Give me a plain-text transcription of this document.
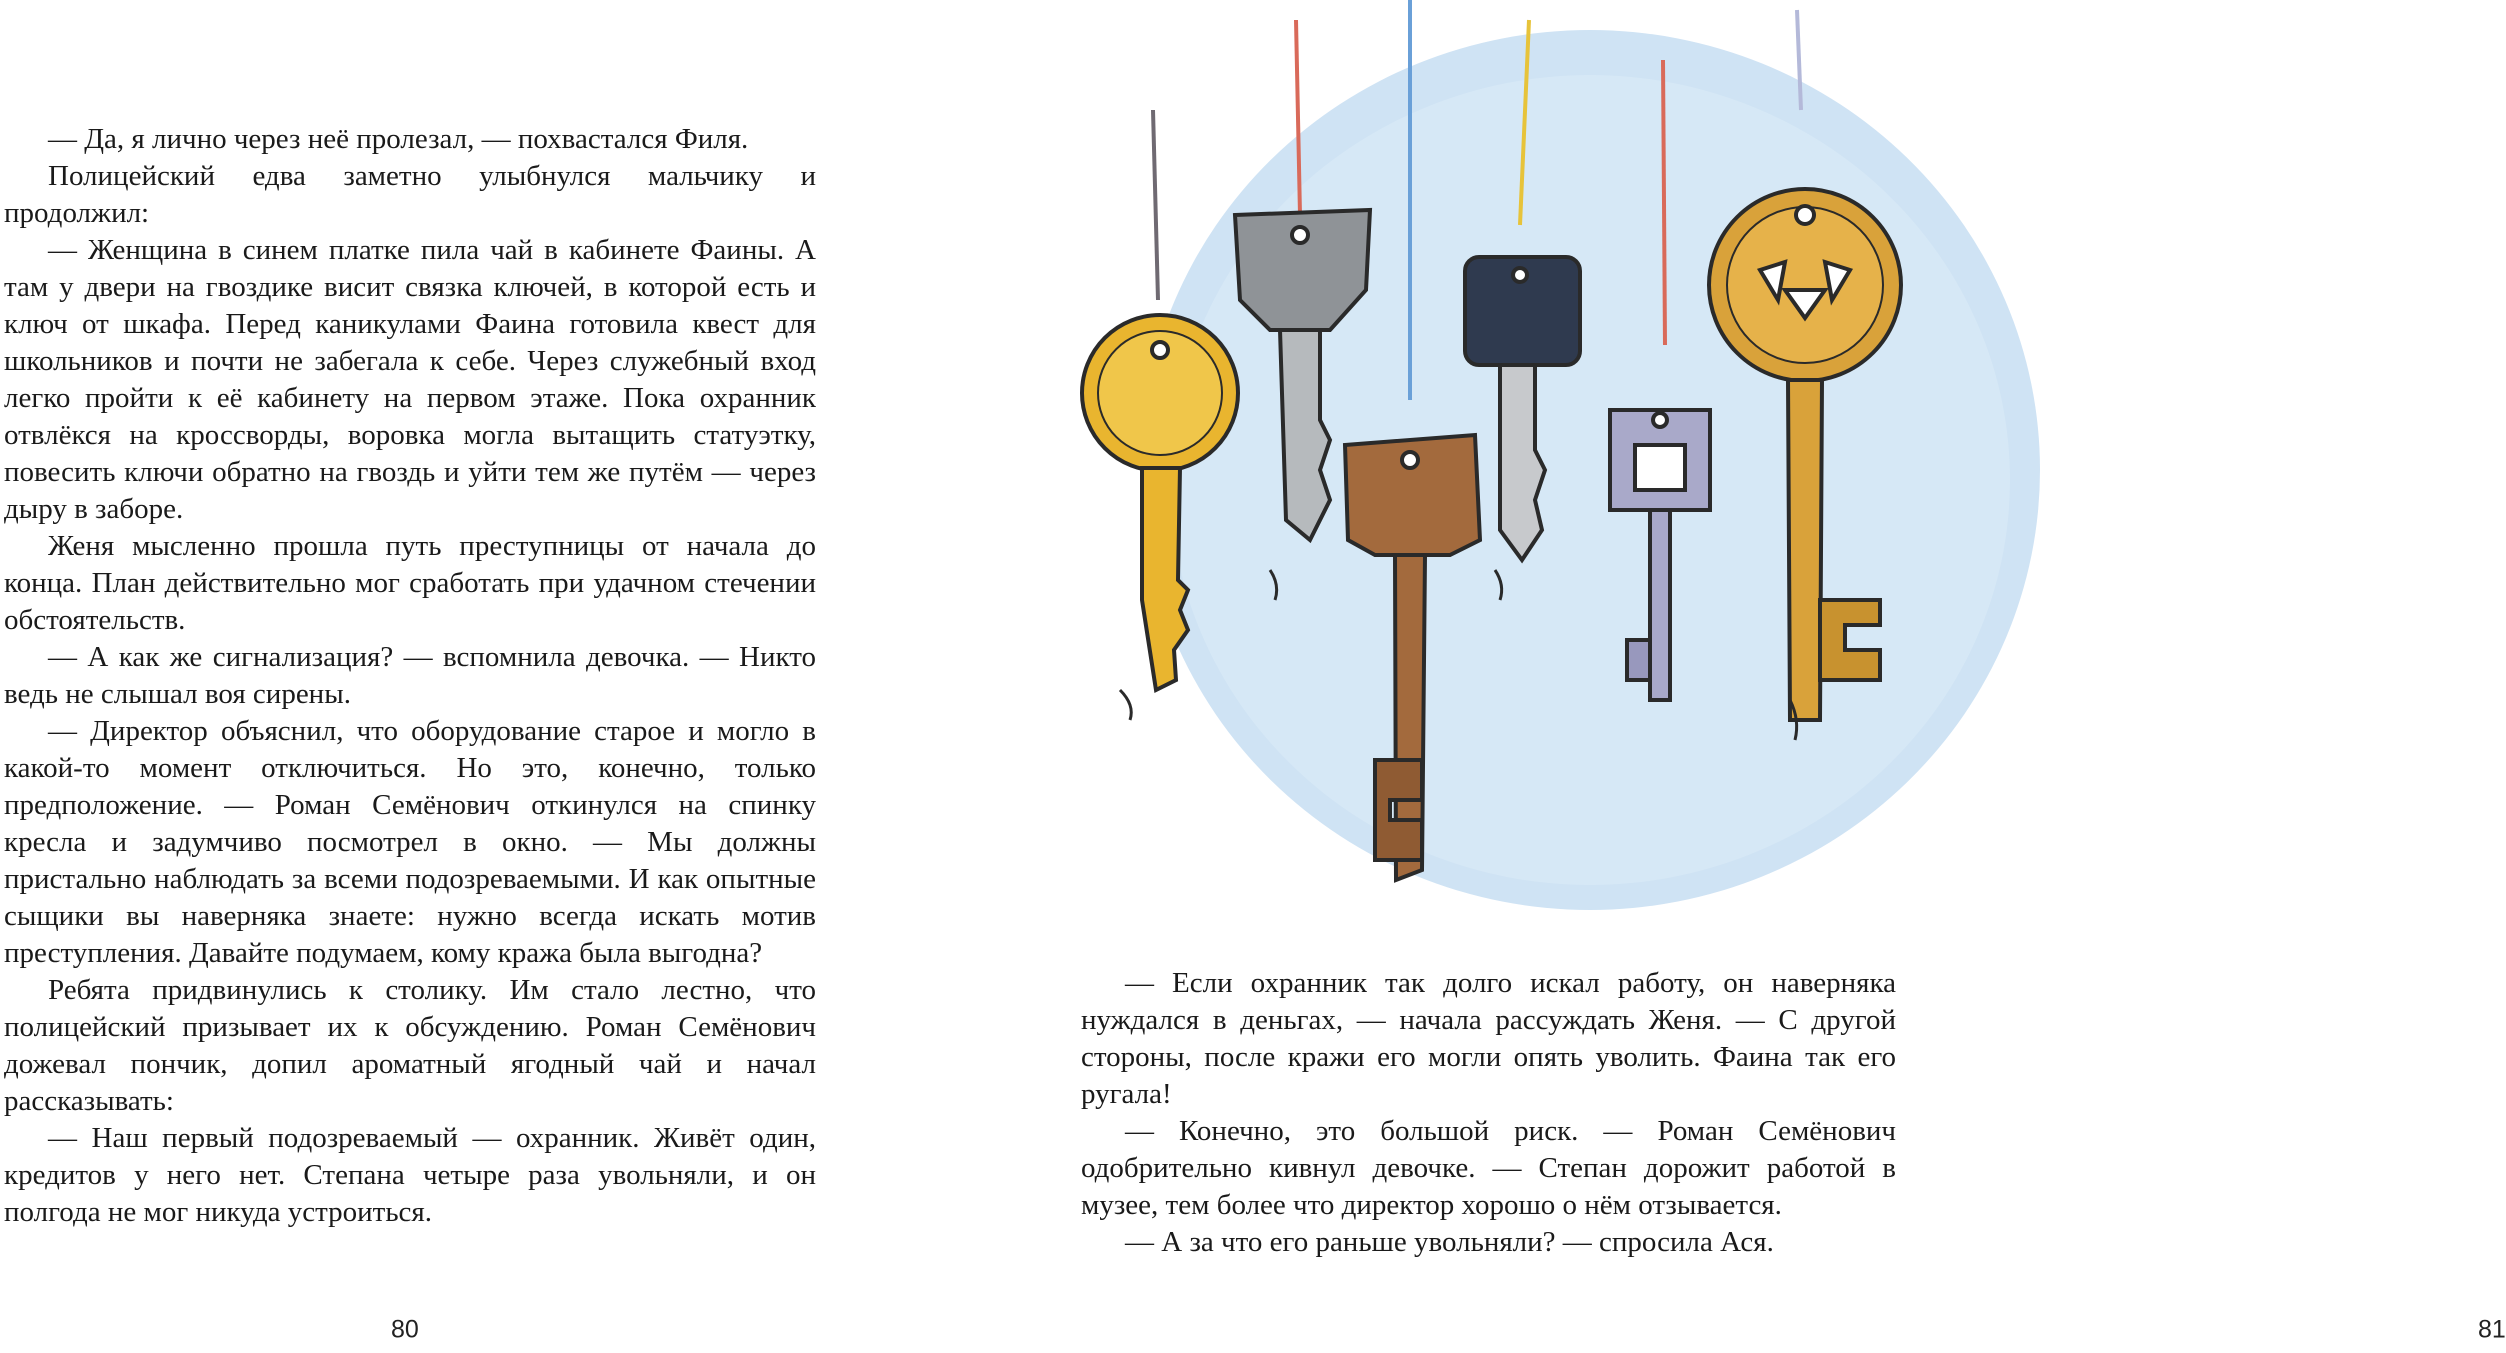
— Да, я лично через неё пролезал, — похвастался Филя.

Полицейский едва заметно улыбнулся мальчику и продолжил:

— Женщина в синем платке пила чай в кабинете Фаины. А там у двери на гвоздике висит связка ключей, в которой есть и ключ от шкафа. Перед каникулами Фаина готовила квест для школьников и почти не забегала к себе. Через служебный вход легко пройти к её кабинету на первом этаже. Пока охранник отвлёкся на кроссворды, воровка могла вытащить статуэтку, повесить ключи обратно на гвоздь и уйти тем же путём — через дыру в заборе.

Женя мысленно прошла путь преступницы от начала до конца. План действительно мог сработать при удачном стечении обстоятельств.

— А как же сигнализация? — вспомнила девочка. — Никто ведь не слышал воя сирены.

— Директор объяснил, что оборудование старое и могло в какой-то момент отключиться. Но это, конечно, только предположение. — Роман Семёнович откинулся на спинку кресла и задумчиво посмотрел в окно. — Мы должны пристально наблюдать за всеми подозреваемыми. И как опытные сыщики вы наверняка знаете: нужно всегда искать мотив преступления. Давайте подумаем, кому кража была выгодна?

Ребята придвинулись к столику. Им стало лестно, что полицейский призывает их к обсуждению. Роман Семёнович дожевал пончик, допил ароматный ягодный чай и начал рассказывать:

— Наш первый подозреваемый — охранник. Живёт один, кредитов у него нет. Степана четыре раза увольняли, и он полгода не мог никуда устроиться.

80

— Если охранник так долго искал работу, он наверняка нуждался в деньгах, — начала рассуждать Женя. — С другой стороны, после кражи его могли опять уволить. Фаина так его ругала!

— Конечно, это большой риск. — Роман Семёнович одобрительно кивнул девочке. — Степан дорожит работой в музее, тем более что директор хорошо о нём отзывается.

— А за что его раньше увольняли? — спросила Ася.

81
